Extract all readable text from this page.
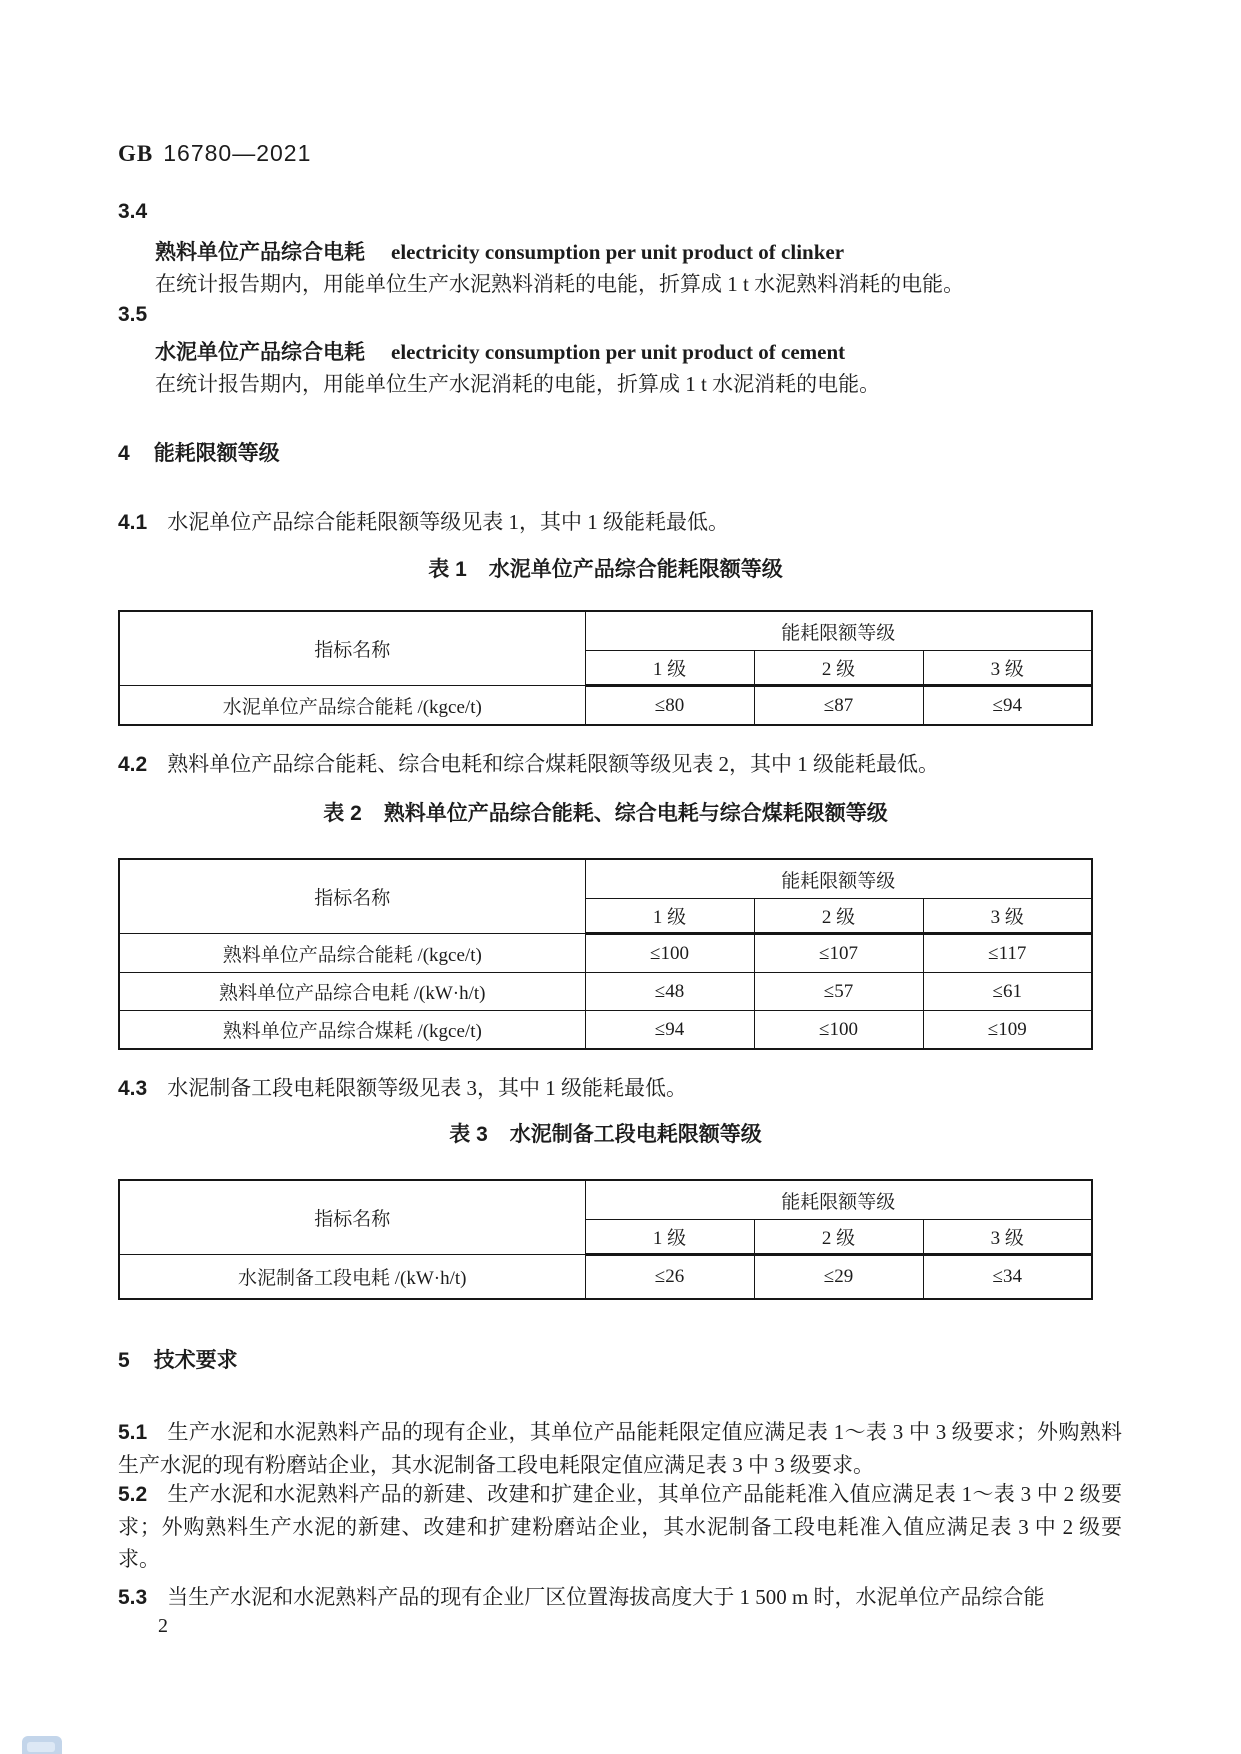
GB 16780—2021
3.4
熟料单位产品综合电耗 electricity consumption per unit product of clinker
在统计报告期内，用能单位生产水泥熟料消耗的电能，折算成 1 t 水泥熟料消耗的电能。
3.5
水泥单位产品综合电耗 electricity consumption per unit product of cement
在统计报告期内，用能单位生产水泥消耗的电能，折算成 1 t 水泥消耗的电能。
4 能耗限额等级
4.1 水泥单位产品综合能耗限额等级见表 1，其中 1 级能耗最低。
表 1 水泥单位产品综合能耗限额等级
指标名称	能耗限额等级		
	1 级	2 级	3 级
水泥单位产品综合能耗 /(kgce/t)	≤80	≤87	≤94
4.2 熟料单位产品综合能耗、综合电耗和综合煤耗限额等级见表 2，其中 1 级能耗最低。
表 2 熟料单位产品综合能耗、综合电耗与综合煤耗限额等级
指标名称	能耗限额等级		
	1 级	2 级	3 级
熟料单位产品综合能耗 /(kgce/t)	≤100	≤107	≤117
熟料单位产品综合电耗 /(kW·h/t)	≤48	≤57	≤61
熟料单位产品综合煤耗 /(kgce/t)	≤94	≤100	≤109
4.3 水泥制备工段电耗限额等级见表 3，其中 1 级能耗最低。
表 3 水泥制备工段电耗限额等级
指标名称	能耗限额等级		
	1 级	2 级	3 级
水泥制备工段电耗 /(kW·h/t)	≤26	≤29	≤34
5 技术要求
5.1 生产水泥和水泥熟料产品的现有企业，其单位产品能耗限定值应满足表 1～表 3 中 3 级要求；外购熟料生产水泥的现有粉磨站企业，其水泥制备工段电耗限定值应满足表 3 中 3 级要求。
5.2 生产水泥和水泥熟料产品的新建、改建和扩建企业，其单位产品能耗准入值应满足表 1～表 3 中 2 级要求；外购熟料生产水泥的新建、改建和扩建粉磨站企业，其水泥制备工段电耗准入值应满足表 3 中 2 级要求。
5.3 当生产水泥和水泥熟料产品的现有企业厂区位置海拔高度大于 1 500 m 时，水泥单位产品综合能
2
